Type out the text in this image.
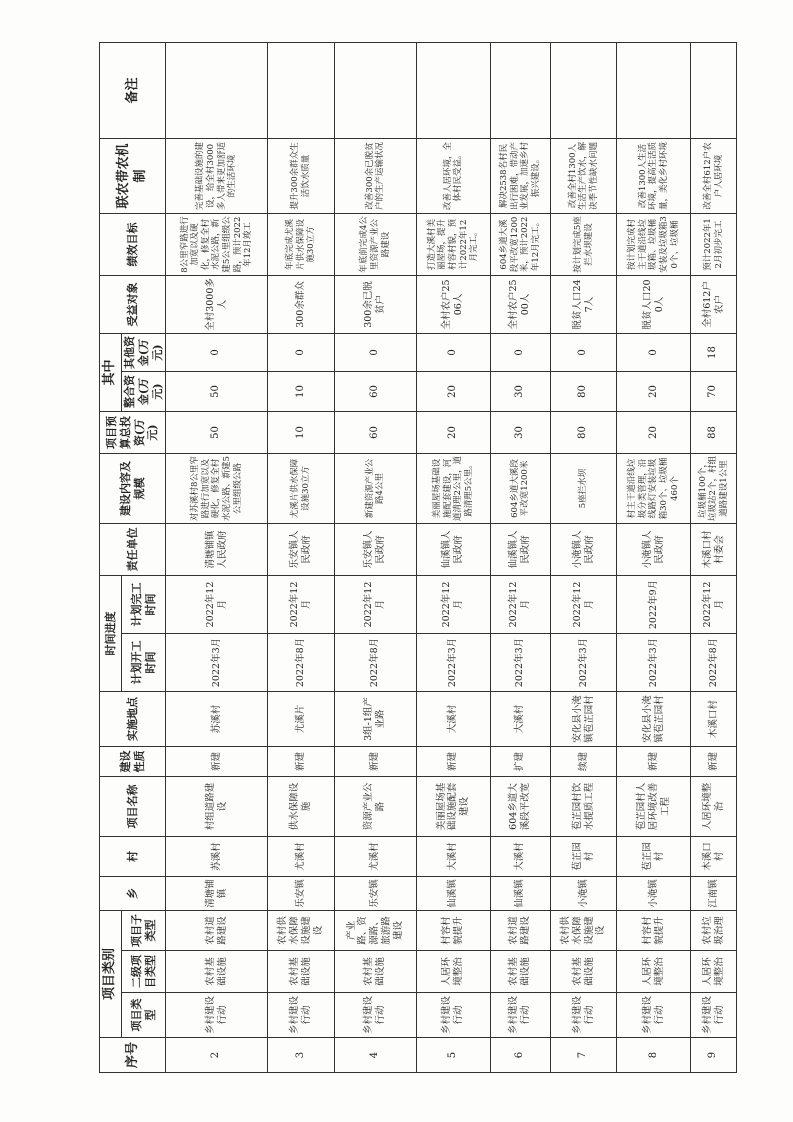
序号	项目类别			乡	村	项目名称	建设性质	实施地点	时间进度		责任单位	建设内容及规模	项目预算总投资(万元)	其中		受益对象	绩效目标	联农带农机制	备注
	项目类型	二级项目类型	项目子类型						计划开工时间	计划完工时间				整合资金(万元)	其他资金(万元)				

2	乡村建设行动	农村基础设施	农村道路建设	清塘铺镇	苏溪村	村组道路建设	新建	苏溪村	2022年3月	2022年12月	清塘铺镇人民政府	对苏溪村8公里窄路进行加宽以及硬化，修复全村水泥公路、新建5公里组级公路	50	50	0	全村3000多人	8公里窄路进行加宽以及硬化，修复全村水泥公路，新建5公里组级公路，预计2022年12月竣工	完善基础设施的建设，给全村3000多人带来更加舒适的生活环境	
3	乡村建设行动	农村基础设施	农村供水保障设施建设	乐安镇	尤溪村	供水保障设施	新建	尤溪片	2022年8月	2022年12月	乐安镇人民政府	尤溪片供水保障设施30立方	10	10	0	300余群众	年底完成尤溪片供水保障设施30立方	提升300余群众生活饮水质量	
4	乡村建设行动	农村基础设施	产业路、资源路、旅游路建设	乐安镇	尤溪村	资源产业公路	新建	3组-1组产业路	2022年8月	2022年12月	乐安镇人民政府	新建资源产业公路4公里	60	60	0	300余已脱贫户	年底前完成4公里资源产业公路建设	改善300余已脱贫户的生产运输状况	
5	乡村建设行动	人居环境整治	村容村貌提升	仙溪镇	大溪村	美丽屋场基础设施配套建设	新建	大溪村	2022年3月	2022年12月	仙溪镇人民政府	美丽屋场基础设施配套建设，河道清理2公里，道路清理5公里。	20	20	0	全村农户2506人	打造大溪村美丽屋场，提升村容村貌，预计2022年12月完工。	改善人居环境，全体村民受益。	
6	乡村建设行动	农村基础设施	农村道路建设	仙溪镇	大溪村	604乡道大溪段平改宽	扩建	大溪村	2022年3月	2022年12月	仙溪镇人民政府	604乡道大溪段平改宽1200米	30	30	0	全村农户2500人	604乡道大溪段平改宽1200米，预计2022年12月完工。	解决2538名村民出行困难，带动产业发展，加速乡村振兴建设。	
7	乡村建设行动	农村基础设施	农村供水保障设施建设	小淹镇	苞芷园村	苞芷园村饮水提质工程	续建	安化县小淹镇苞芷园村	2022年3月	2022年12月	小淹镇人民政府	5座拦水坝	80	80	0	脱贫人口247人	按计划完成5座拦水坝建设	改善全村1300人生活生产饮水，解决季节性缺水问题	
8	乡村建设行动	人居环境整治	村容村貌提升	小淹镇	苞芷园村	苞芷园村人居环境改善工程	新建	安化县小淹镇苞芷园村	2022年3月	2022年9月	小淹镇人民政府	村主干道沿线垃圾分类管理，沿线路灯安装垃圾箱30个、垃圾桶460个	20	20	0	脱贫人口200人	按计划完成村主干道沿线垃圾箱、垃圾桶安装及垃圾箱30个、垃圾桶	改善1300人生活环境，提高生活质量，美化乡村环境	
9	乡村建设行动	人居环境整治	农村垃圾治理	江南镇	木溪口村	人居环境整治	新建	木溪口村	2022年8月	2022年12月	木溪口村村委会	垃圾桶100个，垃圾站2个，村组道路建设1公里	88	70	18	全村612户农户	预计2022年12月初步完工	改善全村612户农户人居环境	
